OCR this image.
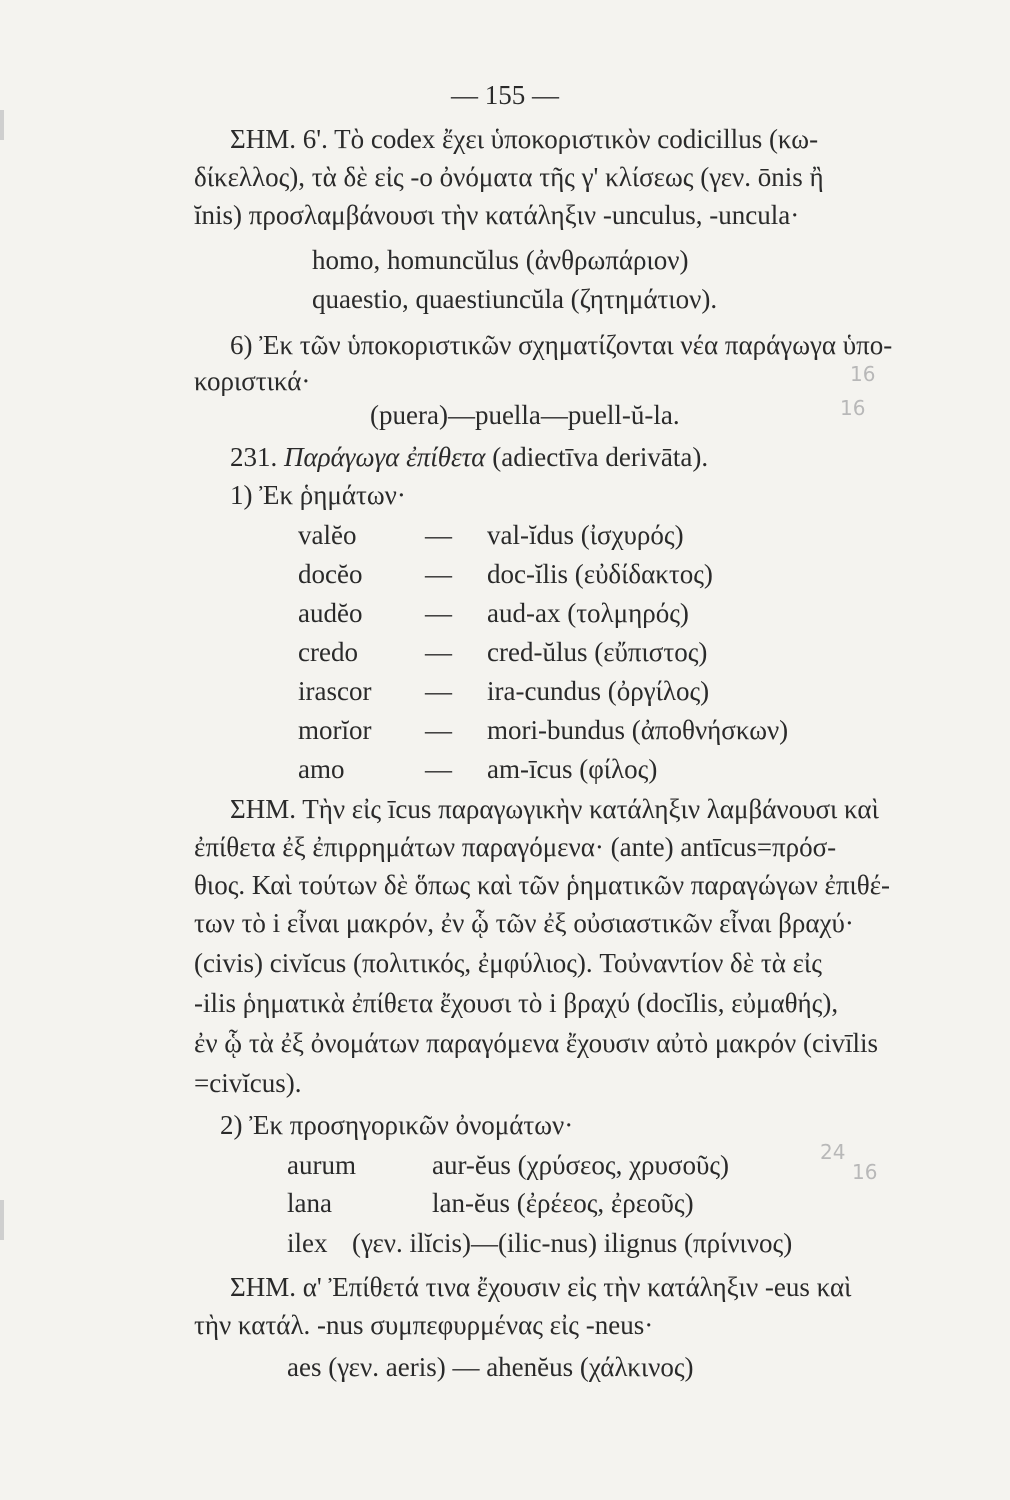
— 155 —
ΣΗΜ. 6'. Τὸ codex ἔχει ὑποκοριστικὸν codicillus (κω-
δίκελλος), τὰ δὲ εἰς -o ὀνόματα τῆς γ' κλίσεως (γεν. ōnis ἢ
ĭnis) προσλαμβάνουσι τὴν κατάληξιν -unculus, -uncula·
homo, homuncŭlus (ἀνθρωπάριον)
quaestio, quaestiuncŭla (ζητημάτιον).
6) Ἐκ τῶν ὑποκοριστικῶν σχηματίζονται νέα παράγωγα ὑπο-
κοριστικά·
(puera)—puella—puell-ŭ-la.
231. Παράγωγα ἐπίθετα (adiectīva derivāta).
1) Ἐκ ῥημάτων·
valĕo	— val-ĭdus (ἰσχυρός)
docĕo — doc-ĭlis (εὐδίδακτος)
audĕo — aud-ax (τολμηρός)
credo — cred-ŭlus (εὔπιστος)
irascor — ira-cundus (ὀργίλος)
morĭor — mori-bundus (ἀποθνήσκων)
amo	— am-īcus (φίλος)
ΣΗΜ. Τὴν εἰς īcus παραγωγικὴν κατάληξιν λαμβάνουσι καὶ
ἐπίθετα ἐξ ἐπιρρημάτων παραγόμενα· (ante) antīcus=πρόσ-
θιος. Καὶ τούτων δὲ ὅπως καὶ τῶν ῥηματικῶν παραγώγων ἐπιθέ-
των τὸ i εἶναι μακρόν, ἐν ᾧ τῶν ἐξ οὐσιαστικῶν εἶναι βραχύ·
(civis) civĭcus (πολιτικός, ἐμφύλιος). Τοὐναντίον δὲ τὰ εἰς
-ilis ῥηματικὰ ἐπίθετα ἔχουσι τὸ i βραχύ (docĭlis, εὐμαθής),
ἐν ᾧ τὰ ἐξ ὀνομάτων παραγόμενα ἔχουσιν αὐτὸ μακρόν (civīlis
=civĭcus).
2) Ἐκ προσηγορικῶν ὀνομάτων·
aurum	aur-ĕus (χρύσεος, χρυσοῦς)
lana	lan-ĕus (ἐρέεος, ἐρεοῦς)
ilex (γεν. ilĭcis)—(ilic-nus) ilignus (πρίνινος)
ΣΗΜ. α' Ἐπίθετά τινα ἔχουσιν εἰς τὴν κατάληξιν -eus καὶ
τὴν κατάλ. -nus συμπεφυρμένας εἰς -neus·
aes (γεν. aeris) — ahenĕus (χάλκινος)
16
16
24
16
